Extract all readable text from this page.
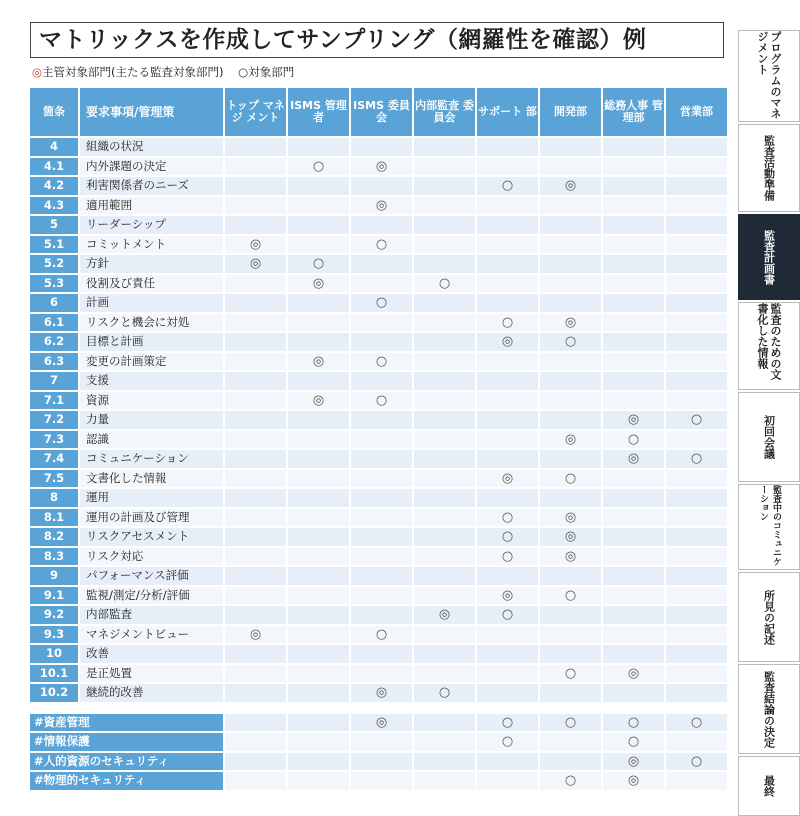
マトリックスを作成してサンプリング（網羅性を確認）例
◎主管対象部門(主たる監査対象部門) ○対象部門
箇条	要求事項/管理策	トップ マネジ メント	ISMS 管理者	ISMS 委員会	内部監査 委員会	サポート 部	開発部	総務人事 管理部	営業部
4	組織の状況								
4.1	内外課題の決定		○	◎					
4.2	利害関係者のニーズ					○	◎		
4.3	適用範囲			◎					
5	リーダーシップ								
5.1	コミットメント	◎		○					
5.2	方針	◎	○						
5.3	役割及び責任		◎		○				
6	計画			○					
6.1	リスクと機会に対処					○	◎		
6.2	目標と計画					◎	○		
6.3	変更の計画策定		◎	○					
7	支援								
7.1	資源		◎	○					
7.2	力量							◎	○
7.3	認識						◎	○	
7.4	コミュニケーション							◎	○
7.5	文書化した情報					◎	○		
8	運用								
8.1	運用の計画及び管理					○	◎		
8.2	リスクアセスメント					○	◎		
8.3	リスク対応					○	◎		
9	パフォーマンス評価								
9.1	監視/測定/分析/評価					◎	○		
9.2	内部監査				◎	○			
9.3	マネジメントビュー	◎		○					
10	改善								
10.1	是正処置						○	◎	
10.2	継続的改善			◎	○				

#資産管理				◎		○	○	○	○
#情報保護						○		○	
#人的資源のセキュリティ								◎	○
#物理的セキュリティ							○	◎	
プログラムのマネジメント
監査活動準備
監査計画書
監査のための文書化した情報
初回会議
監査中のコミュニケーション
所見の記述
監査結論の決定
最終
